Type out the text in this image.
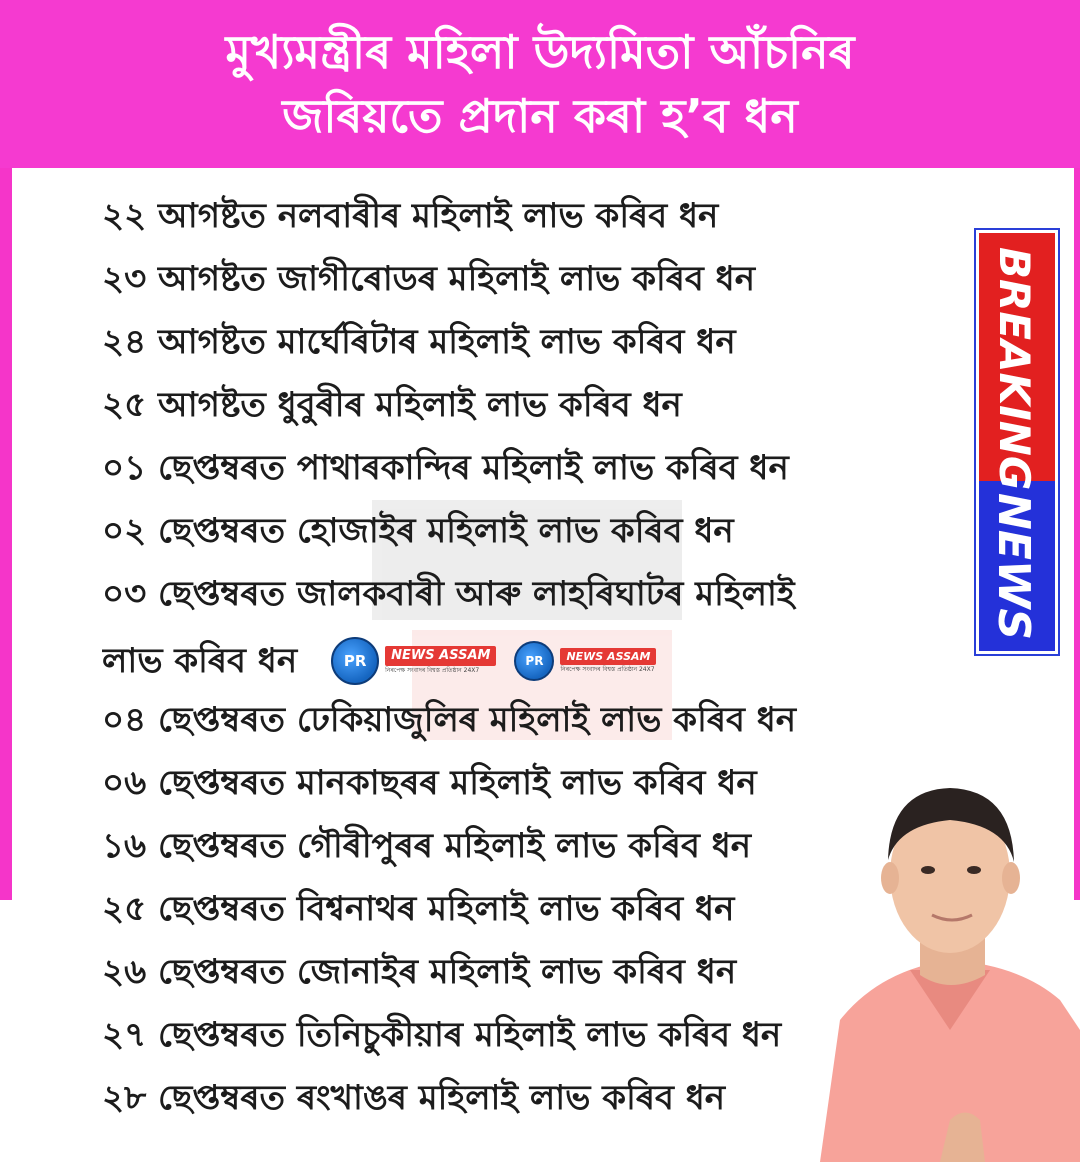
মুখ্যমন্ত্ৰীৰ মহিলা উদ্যমিতা আঁচনিৰ
জৰিয়তে প্ৰদান কৰা হ’ব ধন
২২ আগষ্টত নলবাৰীৰ মহিলাই লাভ কৰিব ধন
২৩ আগষ্টত জাগীৰোডৰ মহিলাই লাভ কৰিব ধন
২৪ আগষ্টত মাৰ্ঘেৰিটাৰ মহিলাই লাভ কৰিব ধন
২৫ আগষ্টত ধুবুৰীৰ মহিলাই লাভ কৰিব ধন
০১ ছেপ্তম্বৰত পাথাৰকান্দিৰ মহিলাই লাভ কৰিব ধন
০২ ছেপ্তম্বৰত হোজাইৰ মহিলাই লাভ কৰিব ধন
০৩ ছেপ্তম্বৰত জালকবাৰী আৰু লাহৰিঘাটৰ মহিলাই
লাভ কৰিব ধন	PR	NEWS ASSAM
নিৰপেক্ষ সংবাদৰ বিশ্বস্ত প্ৰতিষ্ঠান 24X7
PR	NEWS ASSAM
নিৰপেক্ষ সংবাদৰ বিশ্বস্ত প্ৰতিষ্ঠান 24X7
০৪ ছেপ্তম্বৰত ঢেকিয়াজুলিৰ মহিলাই লাভ কৰিব ধন
০৬ ছেপ্তম্বৰত মানকাছৰৰ মহিলাই লাভ কৰিব ধন
১৬ ছেপ্তম্বৰত গৌৰীপুৰৰ মহিলাই লাভ কৰিব ধন
২৫ ছেপ্তম্বৰত বিশ্বনাথৰ মহিলাই লাভ কৰিব ধন
২৬ ছেপ্তম্বৰত জোনাইৰ মহিলাই লাভ কৰিব ধন
২৭ ছেপ্তম্বৰত তিনিচুকীয়াৰ মহিলাই লাভ কৰিব ধন
২৮ ছেপ্তম্বৰত ৰংখাঙৰ মহিলাই লাভ কৰিব ধন
BREAKING
NEWS
